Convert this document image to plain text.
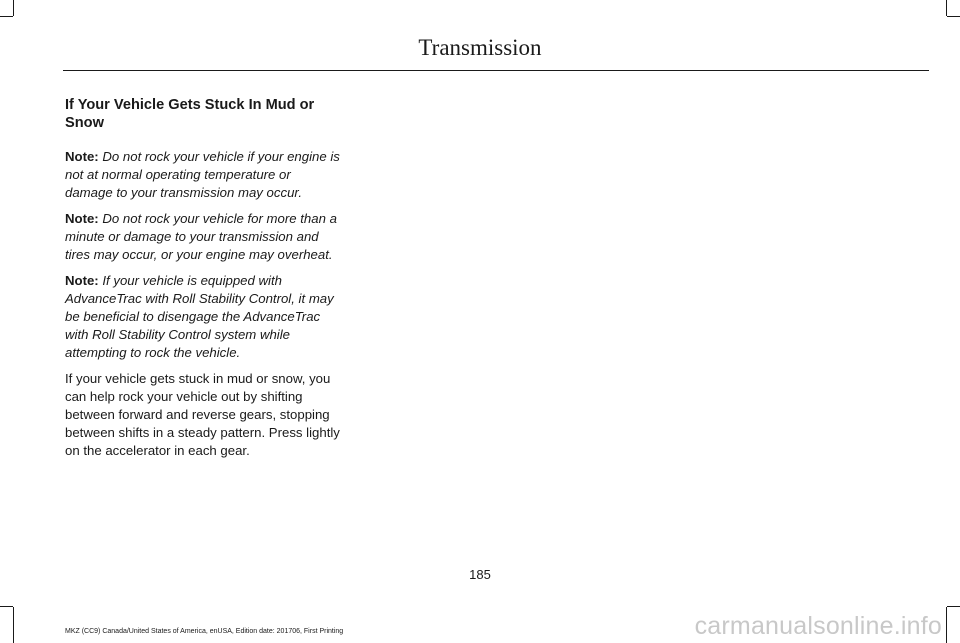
Transmission
If Your Vehicle Gets Stuck In Mud or Snow

Note: Do not rock your vehicle if your engine is not at normal operating temperature or damage to your transmission may occur.

Note: Do not rock your vehicle for more than a minute or damage to your transmission and tires may occur, or your engine may overheat.

Note: If your vehicle is equipped with AdvanceTrac with Roll Stability Control, it may be beneficial to disengage the AdvanceTrac with Roll Stability Control system while attempting to rock the vehicle.

If your vehicle gets stuck in mud or snow, you can help rock your vehicle out by shifting between forward and reverse gears, stopping between shifts in a steady pattern. Press lightly on the accelerator in each gear.

185
MKZ (CC9) Canada/United States of America, enUSA, Edition date: 201706, First Printing	carmanualsonline.info
